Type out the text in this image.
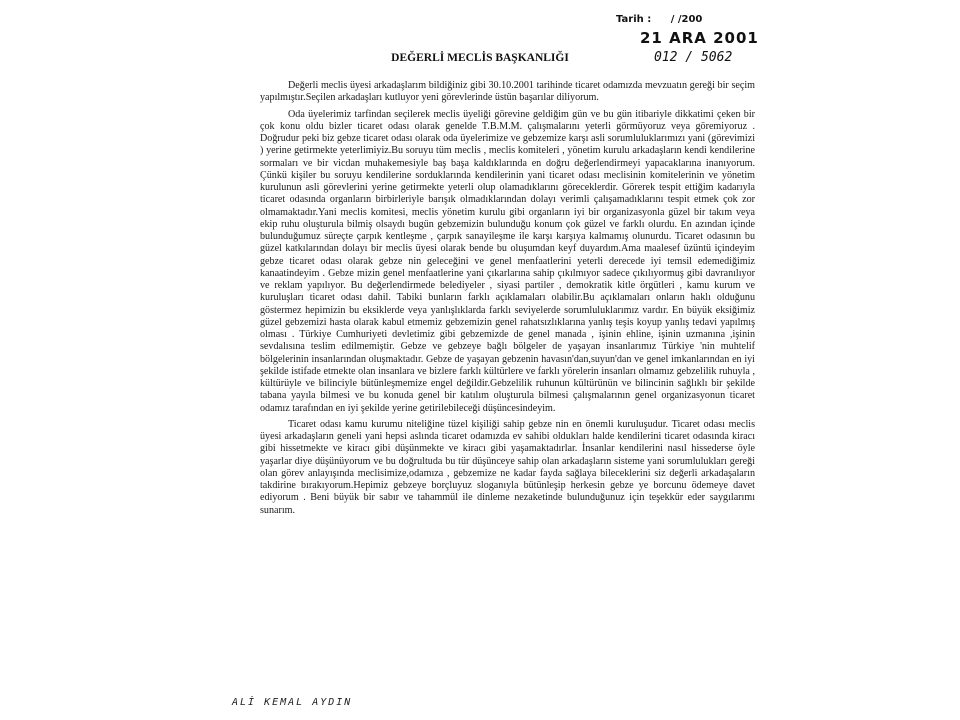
Tarih : / /200
21 ARA 2001
012 / 5062
DEĞERLİ MECLİS BAŞKANLIĞI

Değerli meclis üyesi arkadaşlarım bildiğiniz gibi 30.10.2001 tarihinde ticaret odamızda mevzuatın gereği bir seçim yapılmıştır.Seçilen arkadaşları kutluyor yeni görevlerinde üstün başarılar diliyorum.

Oda üyelerimiz tarfindan seçilerek meclis üyeliği görevine geldiğim gün ve bu gün itibariyle dikkatimi çeken bir çok konu oldu bizler ticaret odası olarak genelde T.B.M.M. çalışmalarını yeterli görmüyoruz veya göremiyoruz . Doğrudur peki biz gebze ticaret odası olarak oda üyelerimize ve gebzemize karşı asli sorumluluklarımızı yani (görevimizi ) yerine getirmekte yeterlimiyiz.Bu soruyu tüm meclis , meclis komiteleri , yönetim kurulu arkadaşların kendi kendilerine sormaları ve bir vicdan muhakemesiyle baş başa kaldıklarında en doğru değerlendirmeyi yapacaklarına inanıyorum. Çünkü kişiler bu soruyu kendilerine sorduklarında kendilerinin yani ticaret odası meclisinin komitelerinin ve yönetim kurulunun asli görevlerini yerine getirmekte yeterli olup olamadıklarını göreceklerdir. Görerek tespit ettiğim kadarıyla ticaret odasında organların birbirleriyle barışık olmadıklarından dolayı verimli çalışamadıklarını tespit etmek çok zor olmamaktadır.Yani meclis komitesi, meclis yönetim kurulu gibi organların iyi bir organizasyonla güzel bir takım veya ekip ruhu oluşturula bilmiş olsaydı bugün gebzemizin bulunduğu konum çok güzel ve farklı olurdu. En azından içinde bulunduğumuz süreçte çarpık kentleşme , çarpık sanayileşme ile karşı karşıya kalmamış olunurdu. Ticaret odasının bu güzel katkılarından dolayı bir meclis üyesi olarak bende bu oluşumdan keyf duyardım.Ama maalesef üzüntü içindeyim gebze ticaret odası olarak gebze nin geleceğini ve genel menfaatlerini yeterli derecede iyi temsil edemediğimiz kanaatindeyim . Gebze mizin genel menfaatlerine yani çıkarlarına sahip çıkılmıyor sadece çıkılıyormuş gibi davranılıyor ve reklam yapılıyor. Bu değerlendirmede belediyeler , siyasi partiler , demokratik kitle örgütleri , kamu kurum ve kuruluşları ticaret odası dahil. Tabiki bunların farklı açıklamaları olabilir.Bu açıklamaları onların haklı olduğunu göstermez hepimizin bu eksiklerde veya yanlışlıklarda farklı seviyelerde sorumluluklarımız vardır. En büyük eksiğimiz güzel gebzemizi hasta olarak kabul etmemiz gebzemizin genel rahatsızlıklarına yanlış teşis koyup yanlış tedavi yapılmış olması . Türkiye Cumhuriyeti devletimiz gibi gebzemizde de genel manada , işinin ehline, işinin uzmanına ,işinin sevdalısına teslim edilmemiştir. Gebze ve gebzeye bağlı bölgeler de yaşayan insanlarımız Türkiye 'nin muhtelif bölgelerinin insanlarından oluşmaktadır. Gebze de yaşayan gebzenin havasın'dan,suyun'dan ve genel imkanlarından en iyi şekilde istifade etmekte olan insanlara ve bizlere farklı kültürlere ve farklı yörelerin insanları olmamız gebzelilik ruhuyla , kültürüyle ve bilinciyle bütünleşmemize engel değildir.Gebzelilik ruhunun kültürünün ve bilincinin sağlıklı bir şekilde tabana yayıla bilmesi ve bu konuda genel bir katılım oluşturula bilmesi çalışmalarının genel organizasyonun ticaret odamız tarafından en iyi şekilde yerine getirilebileceği düşüncesindeyim.

Ticaret odası kamu kurumu niteliğine tüzel kişiliği sahip gebze nin en önemli kuruluşudur. Ticaret odası meclis üyesi arkadaşların geneli yani hepsi aslında ticaret odamızda ev sahibi oldukları halde kendilerini ticaret odasında kiracı gibi hissetmekte ve kiracı gibi düşünmekte ve kiracı gibi yaşamaktadırlar. İnsanlar kendilerini nasıl hissederse öyle yaşarlar diye düşünüyorum ve bu doğrultuda bu tür düşünceye sahip olan arkadaşların sisteme yani sorumlulukları gereği olan görev anlayışında meclisimize,odamıza , gebzemize ne kadar fayda sağlaya bileceklerini siz değerli arkadaşaların takdirine bırakıyorum.Hepimiz gebzeye borçluyuz sloganıyla bütünleşip herkesin gebze ye borcunu ödemeye davet ediyorum . Beni büyük bir sabır ve tahammül ile dinleme nezaketinde bulunduğunuz için teşekkür eder saygılarımı sunarım.

ALİ KEMAL AYDIN
